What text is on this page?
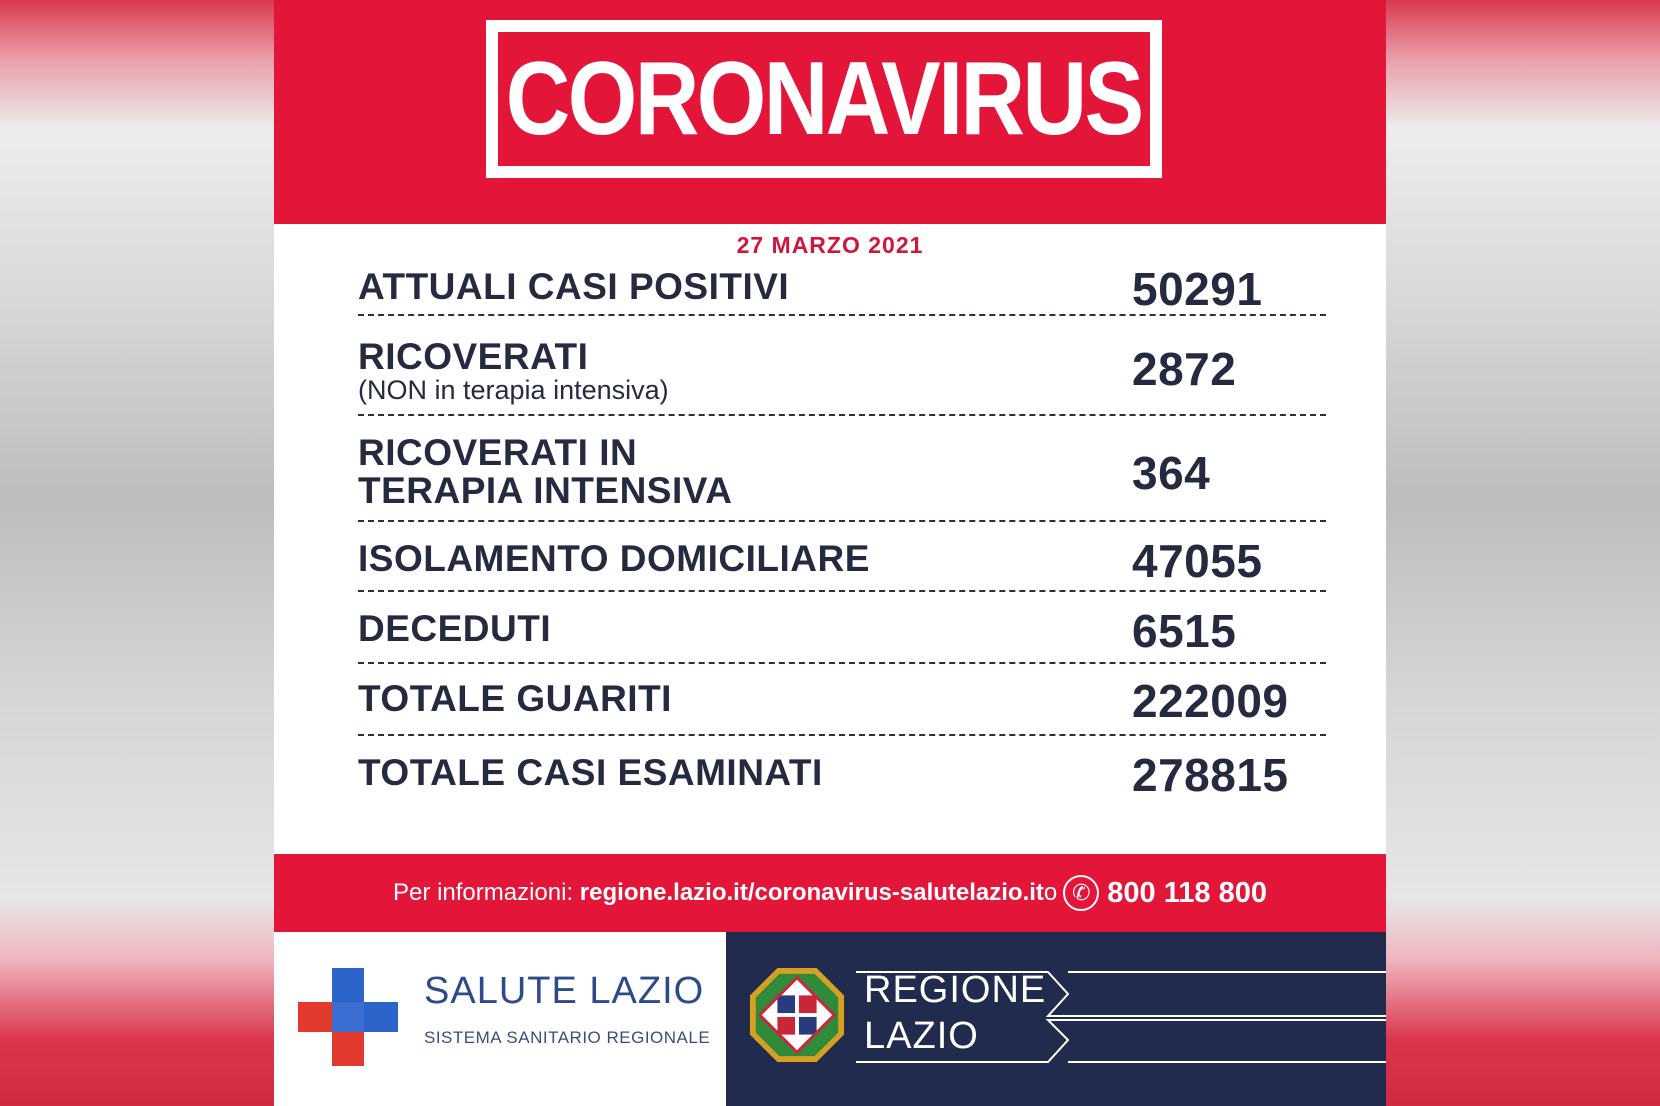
CORONAVIRUS
27 MARZO 2021
ATTUALI CASI POSITIVI	50291
RICOVERATI
(NON in terapia intensiva)	2872
RICOVERATI IN
TERAPIA INTENSIVA	364
ISOLAMENTO DOMICILIARE	47055
DECEDUTI	6515
TOTALE GUARITI	222009
TOTALE CASI ESAMINATI	278815
Per informazioni:
regione.lazio.it/coronavirus - salutelazio.it o ✆ 800 118 800
SALUTE LAZIO
SISTEMA SANITARIO REGIONALE
REGIONE
LAZIO
